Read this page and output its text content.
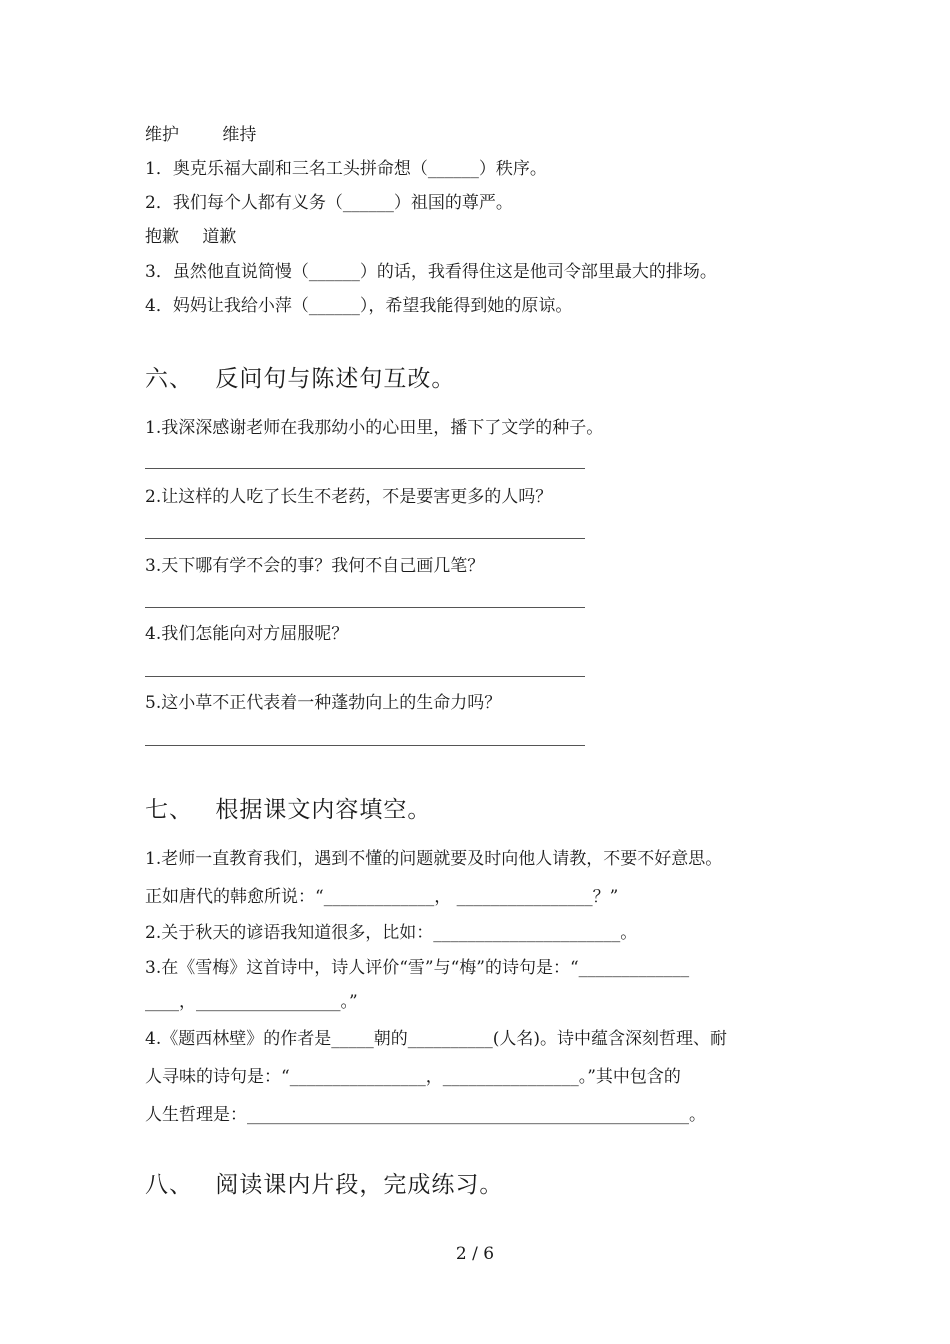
维护	维持
1．奥克乐福大副和三名工头拼命想（______）秩序。
2．我们每个人都有义务（______）祖国的尊严。
抱歉 道歉
3．虽然他直说简慢（______）的话，我看得住这是他司令部里最大的排场。
4．妈妈让我给小萍（______），希望我能得到她的原谅。
六、 反问句与陈述句互改。
1.我深深感谢老师在我那幼小的心田里，播下了文学的种子。
2.让这样的人吃了长生不老药，不是要害更多的人吗？
3.天下哪有学不会的事？我何不自己画几笔？
4.我们怎能向对方屈服呢？
5.这小草不正代表着一种蓬勃向上的生命力吗？
七、 根据课文内容填空。
1.老师一直教育我们，遇到不懂的问题就要及时向他人请教，不要不好意思。
正如唐代的韩愈所说：“_____________， ________________？”
2.关于秋天的谚语我知道很多，比如：______________________。
3.在《雪梅》这首诗中，诗人评价“雪”与“梅”的诗句是：“_____________
____，_________________。”
4.《题西林壁》的作者是_____朝的__________(人名)。诗中蕴含深刻哲理、耐
人寻味的诗句是：“________________，________________。”其中包含的
人生哲理是：____________________________________________________。
八、 阅读课内片段，完成练习。
2 / 6
